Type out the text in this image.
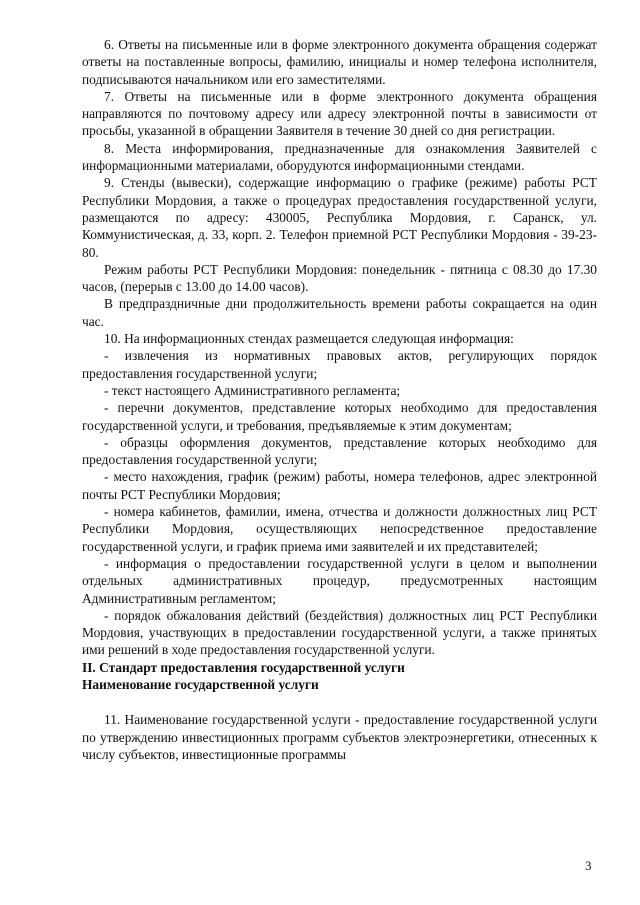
6. Ответы на письменные или в форме электронного документа обращения содержат ответы на поставленные вопросы, фамилию, инициалы и номер телефона исполнителя, подписываются начальником или его заместителями.

7. Ответы на письменные или в форме электронного документа обращения направляются по почтовому адресу или адресу электронной почты в зависимости от просьбы, указанной в обращении Заявителя в течение 30 дней со дня регистрации.

8. Места информирования, предназначенные для ознакомления Заявителей с информационными материалами, оборудуются информационными стендами.

9. Стенды (вывески), содержащие информацию о графике (режиме) работы РСТ Республики Мордовия, а также о процедурах предоставления государственной услуги, размещаются по адресу: 430005, Республика Мордовия, г. Саранск, ул. Коммунистическая, д. 33, корп. 2. Телефон приемной РСТ Республики Мордовия - 39-23-80.

Режим работы РСТ Республики Мордовия: понедельник - пятница с 08.30 до 17.30 часов, (перерыв с 13.00 до 14.00 часов).

В предпраздничные дни продолжительность времени работы сокращается на один час.

10. На информационных стендах размещается следующая информация:

- извлечения из нормативных правовых актов, регулирующих порядок предоставления государственной услуги;

- текст настоящего Административного регламента;

- перечни документов, представление которых необходимо для предоставления государственной услуги, и требования, предъявляемые к этим документам;

- образцы оформления документов, представление которых необходимо для предоставления государственной услуги;

- место нахождения, график (режим) работы, номера телефонов, адрес электронной почты РСТ Республики Мордовия;

- номера кабинетов, фамилии, имена, отчества и должности должностных лиц РСТ Республики Мордовия, осуществляющих непосредственное предоставление государственной услуги, и график приема ими заявителей и их представителей;

- информация о предоставлении государственной услуги в целом и выполнении отдельных административных процедур, предусмотренных настоящим Административным регламентом;

- порядок обжалования действий (бездействия) должностных лиц РСТ Республики Мордовия, участвующих в предоставлении государственной услуги, а также принятых ими решений в ходе предоставления государственной услуги.

II. Стандарт предоставления государственной услуги

Наименование государственной услуги

11. Наименование государственной услуги - предоставление государственной услуги по утверждению инвестиционных программ субъектов электроэнергетики, отнесенных к числу субъектов, инвестиционные программы

3
